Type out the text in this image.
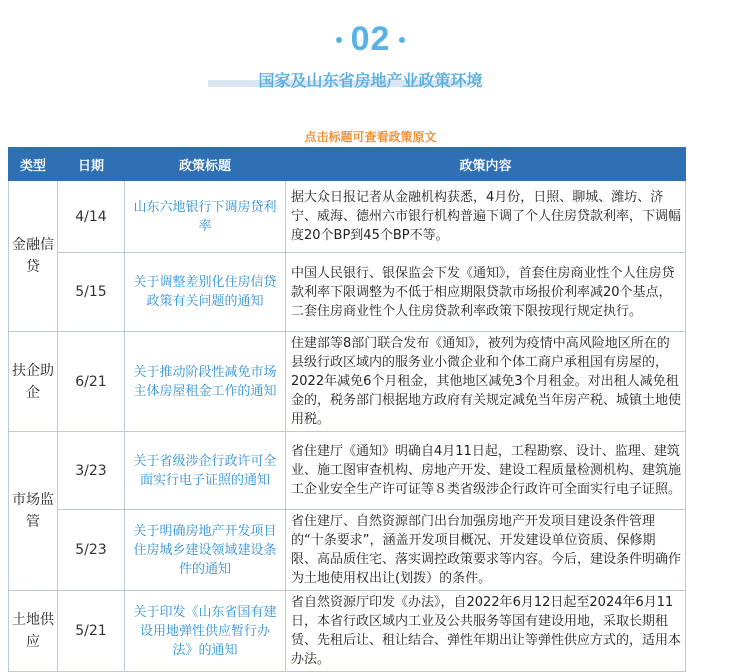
02
国家及山东省房地产业政策环境
点击标题可查看政策原文
类型	日期	政策标题	政策内容
金融信贷	4/14	山东六地银行下调房贷利率	据大众日报记者从金融机构获悉，4月份，日照、聊城、潍坊、济宁、威海、德州六市银行机构普遍下调了个人住房贷款利率，下调幅度20个BP到45个BP不等。
	5/15	关于调整差别化住房信贷政策有关问题的通知	中国人民银行、银保监会下发《通知》，首套住房商业性个人住房贷款利率下限调整为不低于相应期限贷款市场报价利率减20个基点，二套住房商业性个人住房贷款利率政策下限按现行规定执行。
扶企助企	6/21	关于推动阶段性减免市场主体房屋租金工作的通知	住建部等8部门联合发布《通知》，被列为疫情中高风险地区所在的县级行政区域内的服务业小微企业和个体工商户承租国有房屋的，2022年减免6个月租金，其他地区减免3个月租金。对出租人减免租金的，税务部门根据地方政府有关规定减免当年房产税、城镇土地使用税。
市场监管	3/23	关于省级涉企行政许可全面实行电子证照的通知	省住建厅《通知》明确自4月11日起，工程勘察、设计、监理、建筑业、施工图审查机构、房地产开发、建设工程质量检测机构、建筑施工企业安全生产许可证等８类省级涉企行政许可全面实行电子证照。
	5/23	关于明确房地产开发项目住房城乡建设领域建设条件的通知	省住建厅、自然资源部门出台加强房地产开发项目建设条件管理的“十条要求”，涵盖开发项目概况、开发建设单位资质、保修期限、高品质住宅、落实调控政策要求等内容。今后，建设条件明确作为土地使用权出让(划拨）的条件。
土地供应	5/21	关于印发《山东省国有建设用地弹性供应暂行办法》的通知	省自然资源厅印发《办法》，自2022年6月12日起至2024年6月11日，本省行政区域内工业及公共服务等国有建设用地，采取长期租赁、先租后让、租让结合、弹性年期出让等弹性供应方式的，适用本办法。
